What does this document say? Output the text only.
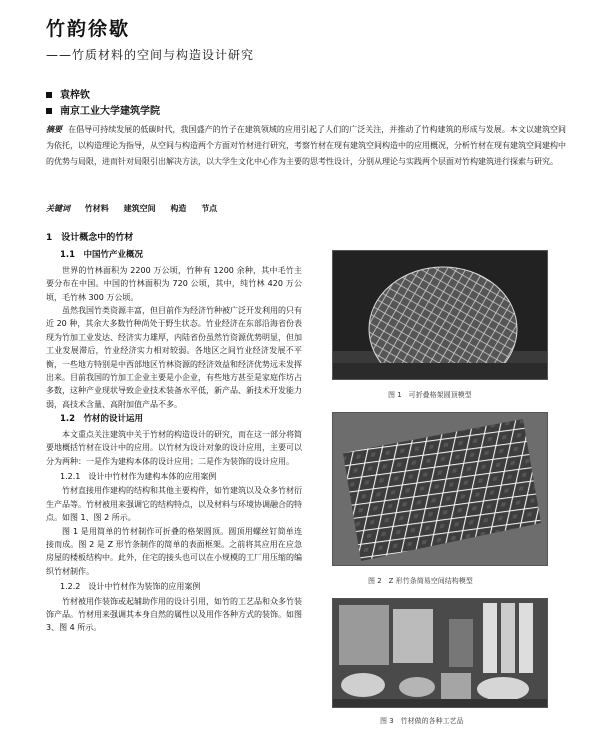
竹韵徐歇
——竹质材料的空间与构造设计研究
袁梓钦
南京工业大学建筑学院
摘要 在倡导可持续发展的低碳时代，我国盛产的竹子在建筑领域的应用引起了人们的广泛关注，并推动了竹构建筑的形成与发展。本文以建筑空间为依托，以构造理论为指导，从空间与构造两个方面对竹材进行研究，考察竹材在现有建筑空间构造中的应用概况，分析竹材在现有建筑空间建构中的优势与局限，进而针对局限引出解决方法，以大学生文化中心作为主要的思考性设计，分别从理论与实践两个层面对竹构建筑进行探索与研究。
关键词 竹材料 建筑空间 构造 节点
1　设计概念中的竹材
1.1　中国竹产业概况

世界的竹林面积为 2200 万公顷，竹种有 1200 余种，其中毛竹主要分布在中国。中国的竹林面积为 720 公顷，其中，纯竹林 420 万公顷，毛竹林 300 万公顷。

虽然我国竹类资源丰富，但目前作为经济竹种被广泛开发利用的只有近 20 种，其余大多数竹种尚处于野生状态。竹业经济在东部沿海省份表现为竹加工业发达、经济实力雄厚，内陆省份虽然竹资源优势明显，但加工业发展滞后，竹业经济实力相对较弱。各地区之间竹业经济发展不平衡，一些地方特别是中西部地区竹林资源的经济效益和经济优势远未发挥出来。目前我国的竹加工企业主要是小企业，有些地方甚至是家庭作坊占多数，这种产业现状导致企业技术装备水平低，新产品、新技术开发能力弱，高技术含量、高附加值产品不多。

1.2　竹材的设计运用

本文重点关注建筑中关于竹材的构造设计的研究，而在这一部分将简要地概括竹材在设计中的应用。以竹材为设计对象的设计应用，主要可以分为两种：一是作为建构本体的设计应用；二是作为装饰的设计应用。

1.2.1　设计中竹材作为建构本体的应用案例

竹材直接用作建构的结构和其他主要构件，如竹建筑以及众多竹材衍生产品等。竹材被用来强调它的结构特点，以及材料与环境协调融合的特点。如图 1、图 2 所示。

图 1 是用简单的竹材制作可折叠的格架圆顶。圆顶用螺丝钉简单连接而成。图 2 是 Z 形竹条制作的简单的表面框架。之前将其应用在应急房屋的楼板结构中。此外，住宅的接头也可以在小规模的工厂用压缩的编织竹材制作。

1.2.2　设计中竹材作为装饰的应用案例

竹材被用作装饰或起辅助作用的设计引用，如竹的工艺品和众多竹装饰产品。竹材用来强调其本身自然的属性以及用作各种方式的装饰。如图 3、图 4 所示。

图 1　可折叠格架圆顶模型
图 2　Z 形竹条简易空间结构模型
图 3　竹材做的各种工艺品
